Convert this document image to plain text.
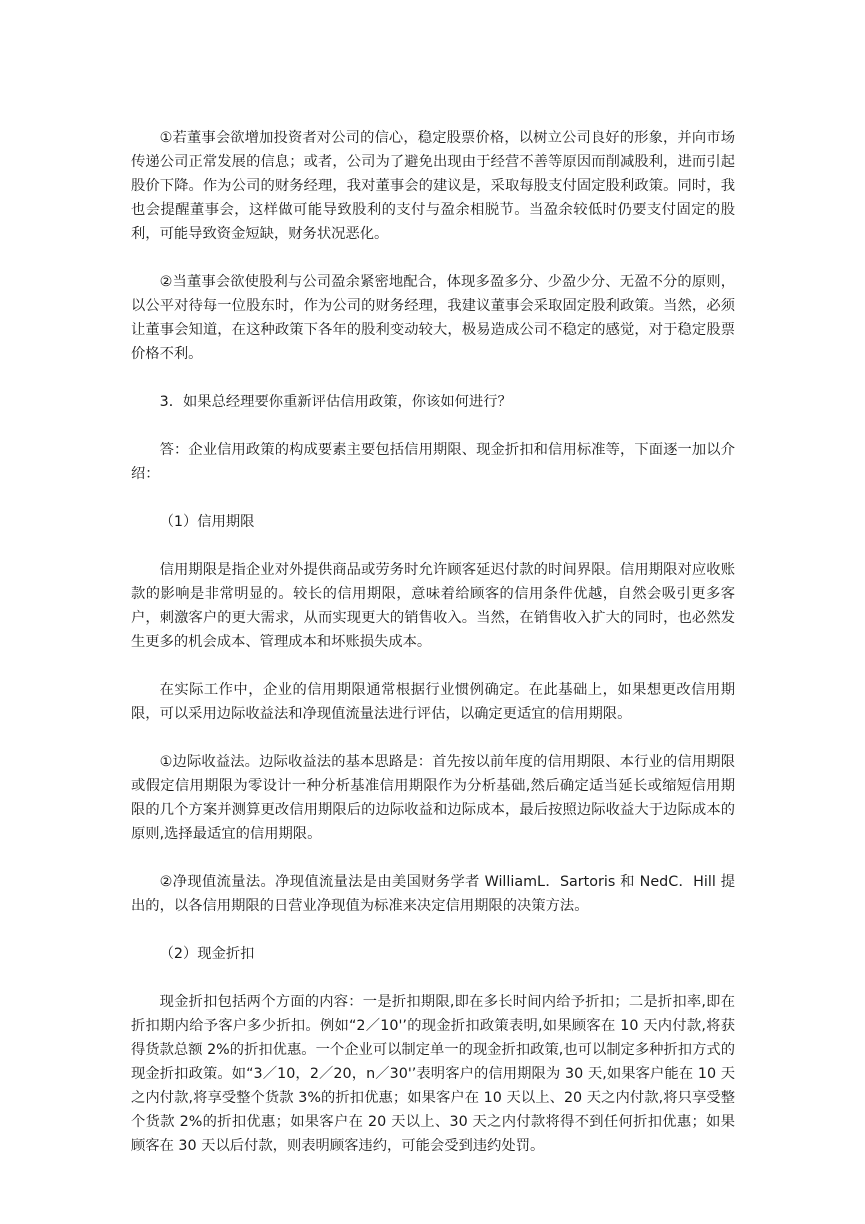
①若董事会欲增加投资者对公司的信心，稳定股票价格，以树立公司良好的形象，并向市场传递公司正常发展的信息；或者，公司为了避免出现由于经营不善等原因而削减股利，进而引起股价下降。作为公司的财务经理，我对董事会的建议是，采取每股支付固定股利政策。同时，我也会提醒董事会，这样做可能导致股利的支付与盈余相脱节。当盈余较低时仍要支付固定的股利，可能导致资金短缺，财务状况恶化。

②当董事会欲使股利与公司盈余紧密地配合，体现多盈多分、少盈少分、无盈不分的原则，以公平对待每一位股东时，作为公司的财务经理，我建议董事会采取固定股利政策。当然，必须让董事会知道，在这种政策下各年的股利变动较大，极易造成公司不稳定的感觉，对于稳定股票价格不利。

3．如果总经理要你重新评估信用政策，你该如何进行？

答：企业信用政策的构成要素主要包括信用期限、现金折扣和信用标准等，下面逐一加以介绍：

（1）信用期限

信用期限是指企业对外提供商品或劳务时允许顾客延迟付款的时间界限。信用期限对应收账款的影响是非常明显的。较长的信用期限，意味着给顾客的信用条件优越，自然会吸引更多客户，刺激客户的更大需求，从而实现更大的销售收入。当然，在销售收入扩大的同时，也必然发生更多的机会成本、管理成本和坏账损失成本。

在实际工作中，企业的信用期限通常根据行业惯例确定。在此基础上，如果想更改信用期限，可以采用边际收益法和净现值流量法进行评估，以确定更适宜的信用期限。

①边际收益法。边际收益法的基本思路是：首先按以前年度的信用期限、本行业的信用期限或假定信用期限为零设计一种分析基准信用期限作为分析基础,然后确定适当延长或缩短信用期限的几个方案并测算更改信用期限后的边际收益和边际成本，最后按照边际收益大于边际成本的原则,选择最适宜的信用期限。

②净现值流量法。净现值流量法是由美国财务学者 WilliamL．Sartoris 和 NedC．Hill 提出的，以各信用期限的日营业净现值为标准来决定信用期限的决策方法。

（2）现金折扣

现金折扣包括两个方面的内容：一是折扣期限,即在多长时间内给予折扣；二是折扣率,即在折扣期内给予客户多少折扣。例如“2／10'’的现金折扣政策表明,如果顾客在 10 天内付款,将获得货款总额 2%的折扣优惠。一个企业可以制定单一的现金折扣政策,也可以制定多种折扣方式的现金折扣政策。如“3／10，2／20，n／30'’表明客户的信用期限为 30 天,如果客户能在 10 天之内付款,将享受整个货款 3%的折扣优惠；如果客户在 10 天以上、20 天之内付款,将只享受整个货款 2%的折扣优惠；如果客户在 20 天以上、30 天之内付款将得不到任何折扣优惠；如果顾客在 30 天以后付款，则表明顾客违约，可能会受到违约处罚。
